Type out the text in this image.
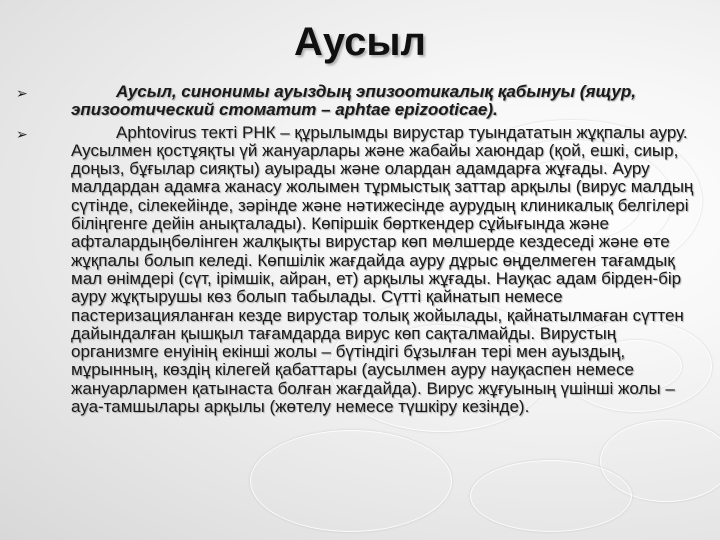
Аусыл
➢	Аусыл, синонимы ауыздың эпизоотикалық қабынуы (ящур, эпизоотический стоматит – aphtae epizooticae).
➢	Aphtovirus тектi РНК – құрылымды вирустар туындататын жұқпалы ауру. Аусылмен қостұяқты үй жануарлары және жабайы хаюндар (қой, ешкі, сиыр, доңыз, бұғылар сияқты) ауырады және олардан адамдарға жұғады. Ауру малдардан адамға жанасу жолымен тұрмыстық заттар арқылы (вирус малдың сүтінде, сілекейінде, зәрінде және нәтижесінде аурудың клиникалық белгілері біліңгенге дейін анықталады). Көпіршік бөрткендер сұйығында және афталардыңбөлінген жалқықты вирустар көп мөлшерде кездеседі және өте жұқпалы болып келеді. Көпшілік жағдайда ауру дұрыс өңделмеген тағамдық мал өнімдері (сүт, ірімшік, айран, ет) арқылы жұғады. Науқас адам бірден-бір ауру жұқтырушы көз болып табылады. Сүтті қайнатып немесе пастеризацияланған кезде вирустар толық жойылады, қайнатылмаған сүттен дайындалған қышқыл тағамдарда вирус көп сақталмайды. Вирустың организмге енуінің екінші жолы – бүтіндігі бұзылған тері мен ауыздың, мұрынның, көздің кілегей қабаттары (аусылмен ауру науқаспен немесе жануарлармен қатынаста болған жағдайда). Вирус жұғуының үшінші жолы – ауа-тамшылары арқылы (жөтелу немесе түшкіру кезінде).
